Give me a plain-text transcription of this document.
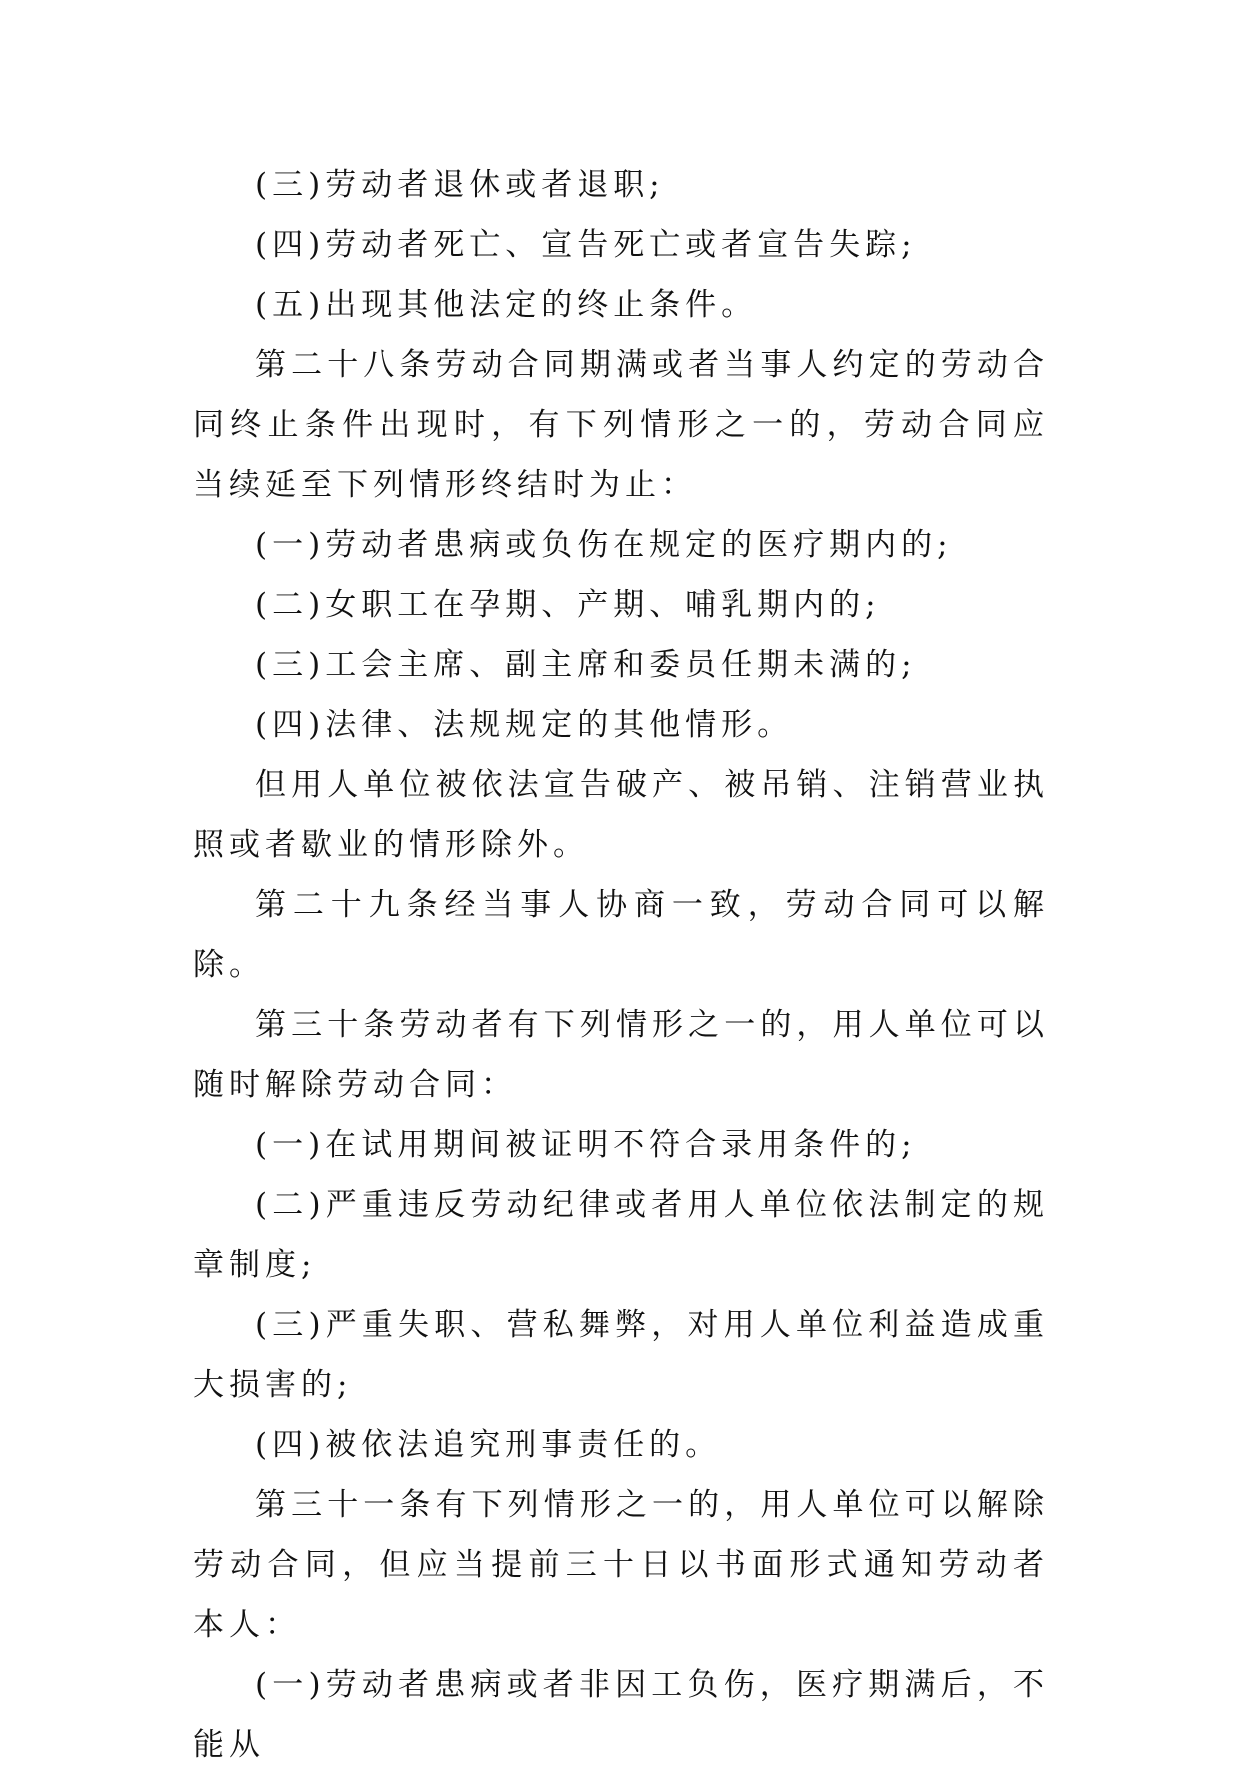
(三)劳动者退休或者退职;

(四)劳动者死亡、宣告死亡或者宣告失踪;

(五)出现其他法定的终止条件。

第二十八条劳动合同期满或者当事人约定的劳动合同终止条件出现时，有下列情形之一的，劳动合同应当续延至下列情形终结时为止：

(一)劳动者患病或负伤在规定的医疗期内的;

(二)女职工在孕期、产期、哺乳期内的;

(三)工会主席、副主席和委员任期未满的;

(四)法律、法规规定的其他情形。

但用人单位被依法宣告破产、被吊销、注销营业执照或者歇业的情形除外。

第二十九条经当事人协商一致，劳动合同可以解除。

第三十条劳动者有下列情形之一的，用人单位可以随时解除劳动合同：

(一)在试用期间被证明不符合录用条件的;

(二)严重违反劳动纪律或者用人单位依法制定的规章制度;

(三)严重失职、营私舞弊，对用人单位利益造成重大损害的;

(四)被依法追究刑事责任的。

第三十一条有下列情形之一的，用人单位可以解除劳动合同，但应当提前三十日以书面形式通知劳动者本人：

(一)劳动者患病或者非因工负伤，医疗期满后，不能从
